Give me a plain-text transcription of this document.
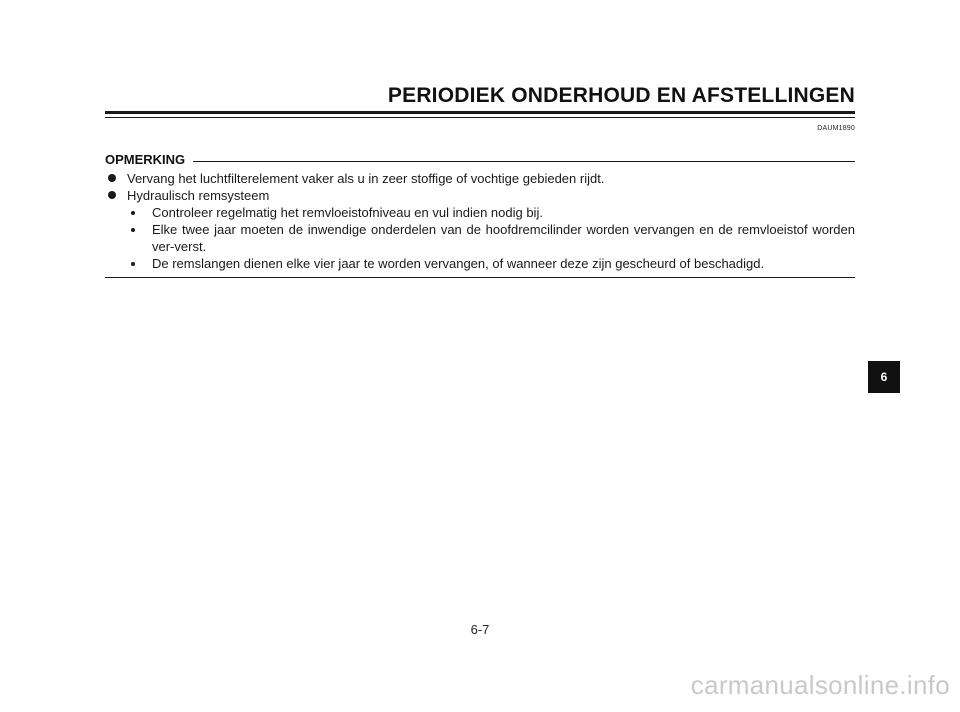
PERIODIEK ONDERHOUD EN AFSTELLINGEN
DAUM1890
OPMERKING
Vervang het luchtfilterelement vaker als u in zeer stoffige of vochtige gebieden rijdt.
Hydraulisch remsysteem
Controleer regelmatig het remvloeistofniveau en vul indien nodig bij.
Elke twee jaar moeten de inwendige onderdelen van de hoofdremcilinder worden vervangen en de remvloeistof worden ver-verst.
De remslangen dienen elke vier jaar te worden vervangen, of wanneer deze zijn gescheurd of beschadigd.
6
6-7
carmanualsonline.info
